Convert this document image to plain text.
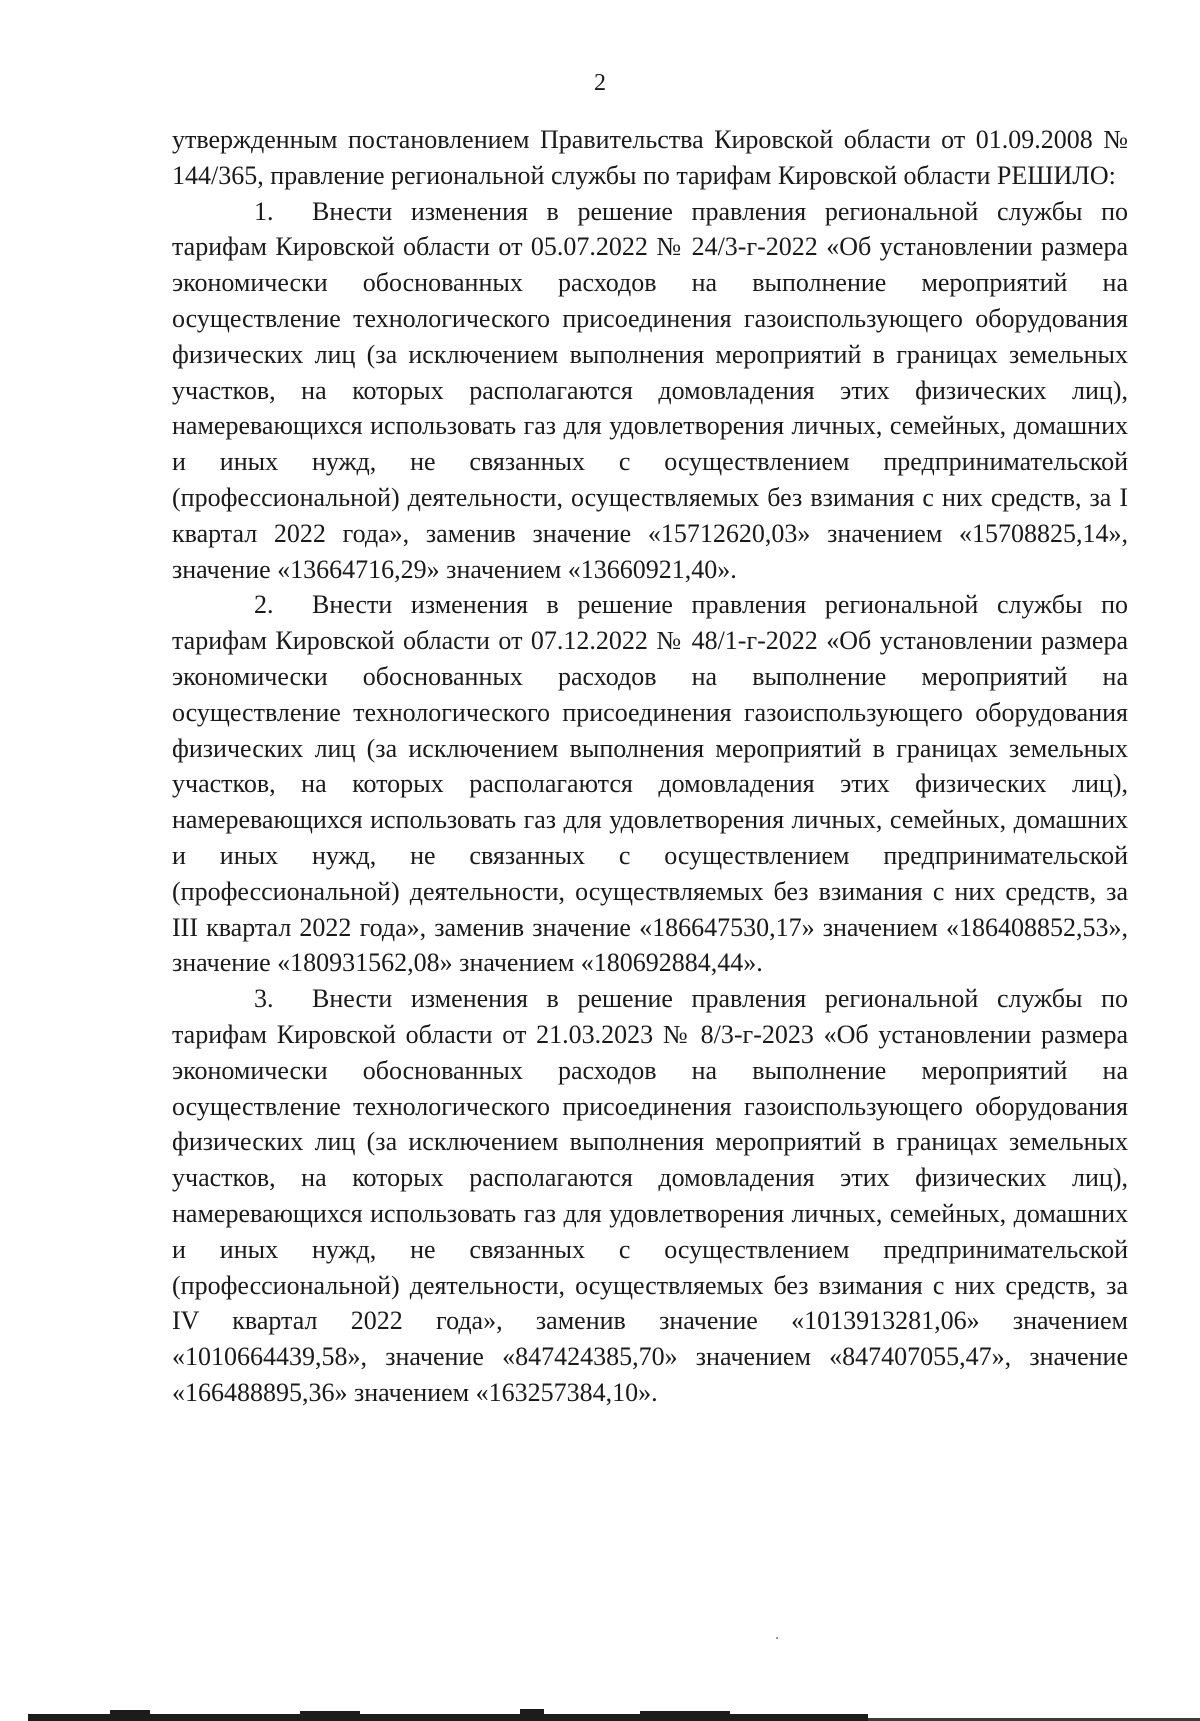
2

утвержденным постановлением Правительства Кировской области от 01.09.2008 № 144/365, правление региональной службы по тарифам Кировской области РЕШИЛО:

1. Внести изменения в решение правления региональной службы по тарифам Кировской области от 05.07.2022 № 24/3-г-2022 «Об установлении размера экономически обоснованных расходов на выполнение мероприятий на осуществление технологического присоединения газоиспользующего оборудования физических лиц (за исключением выполнения мероприятий в границах земельных участков, на которых располагаются домовладения этих физических лиц), намеревающихся использовать газ для удовлетворения личных, семейных, домашних и иных нужд, не связанных с осуществлением предпринимательской (профессиональной) деятельности, осуществляемых без взимания с них средств, за I квартал 2022 года», заменив значение «15712620,03» значением «15708825,14», значение «13664716,29» значением «13660921,40».

2. Внести изменения в решение правления региональной службы по тарифам Кировской области от 07.12.2022 № 48/1-г-2022 «Об установлении размера экономически обоснованных расходов на выполнение мероприятий на осуществление технологического присоединения газоиспользующего оборудования физических лиц (за исключением выполнения мероприятий в границах земельных участков, на которых располагаются домовладения этих физических лиц), намеревающихся использовать газ для удовлетворения личных, семейных, домашних и иных нужд, не связанных с осуществлением предпринимательской (профессиональной) деятельности, осуществляемых без взимания с них средств, за III квартал 2022 года», заменив значение «186647530,17» значением «186408852,53», значение «180931562,08» значением «180692884,44».

3. Внести изменения в решение правления региональной службы по тарифам Кировской области от 21.03.2023 № 8/3-г-2023 «Об установлении размера экономически обоснованных расходов на выполнение мероприятий на осуществление технологического присоединения газоиспользующего оборудования физических лиц (за исключением выполнения мероприятий в границах земельных участков, на которых располагаются домовладения этих физических лиц), намеревающихся использовать газ для удовлетворения личных, семейных, домашних и иных нужд, не связанных с осуществлением предпринимательской (профессиональной) деятельности, осуществляемых без взимания с них средств, за IV квартал 2022 года», заменив значение «1013913281,06» значением «1010664439,58», значение «847424385,70» значением «847407055,47», значение «166488895,36» значением «163257384,10».
